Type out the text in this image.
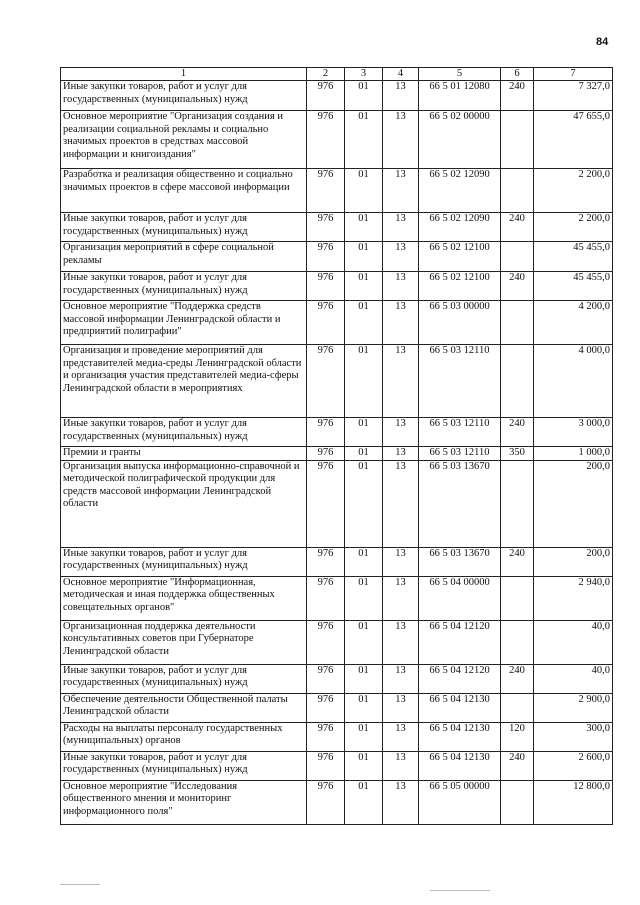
84
1	2	3	4	5	6	7
Иные закупки товаров, работ и услуг для государственных (муниципальных) нужд	976	01	13	66 5 01 12080	240	7 327,0
Основное мероприятие "Организация создания и реализации социальной рекламы и социально значимых проектов в средствах массовой информации и книгоиздания"	976	01	13	66 5 02 00000		47 655,0
Разработка и реализация общественно и социально значимых проектов в сфере массовой информации	976	01	13	66 5 02 12090		2 200,0
Иные закупки товаров, работ и услуг для государственных (муниципальных) нужд	976	01	13	66 5 02 12090	240	2 200,0
Организация мероприятий в сфере социальной рекламы	976	01	13	66 5 02 12100		45 455,0
Иные закупки товаров, работ и услуг для государственных (муниципальных) нужд	976	01	13	66 5 02 12100	240	45 455,0
Основное мероприятие "Поддержка средств массовой информации Ленинградской области и предприятий полиграфии"	976	01	13	66 5 03 00000		4 200,0
Организация и проведение мероприятий для представителей медиа-среды Ленинградской области и организация участия представителей медиа-сферы Ленинградской области в мероприятиях	976	01	13	66 5 03 12110		4 000,0
Иные закупки товаров, работ и услуг для государственных (муниципальных) нужд	976	01	13	66 5 03 12110	240	3 000,0
Премии и гранты	976	01	13	66 5 03 12110	350	1 000,0
Организация выпуска информационно-справочной и методической полиграфической продукции для средств массовой информации Ленинградской области	976	01	13	66 5 03 13670		200,0
Иные закупки товаров, работ и услуг для государственных (муниципальных) нужд	976	01	13	66 5 03 13670	240	200,0
Основное мероприятие "Информационная, методическая и иная поддержка общественных совещательных органов"	976	01	13	66 5 04 00000		2 940,0
Организационная поддержка деятельности консультативных советов при Губернаторе Ленинградской области	976	01	13	66 5 04 12120		40,0
Иные закупки товаров, работ и услуг для государственных (муниципальных) нужд	976	01	13	66 5 04 12120	240	40,0
Обеспечение деятельности Общественной палаты Ленинградской области	976	01	13	66 5 04 12130		2 900,0
Расходы на выплаты персоналу государственных (муниципальных) органов	976	01	13	66 5 04 12130	120	300,0
Иные закупки товаров, работ и услуг для государственных (муниципальных) нужд	976	01	13	66 5 04 12130	240	2 600,0
Основное мероприятие "Исследования общественного мнения и мониторинг информационного поля"	976	01	13	66 5 05 00000		12 800,0
